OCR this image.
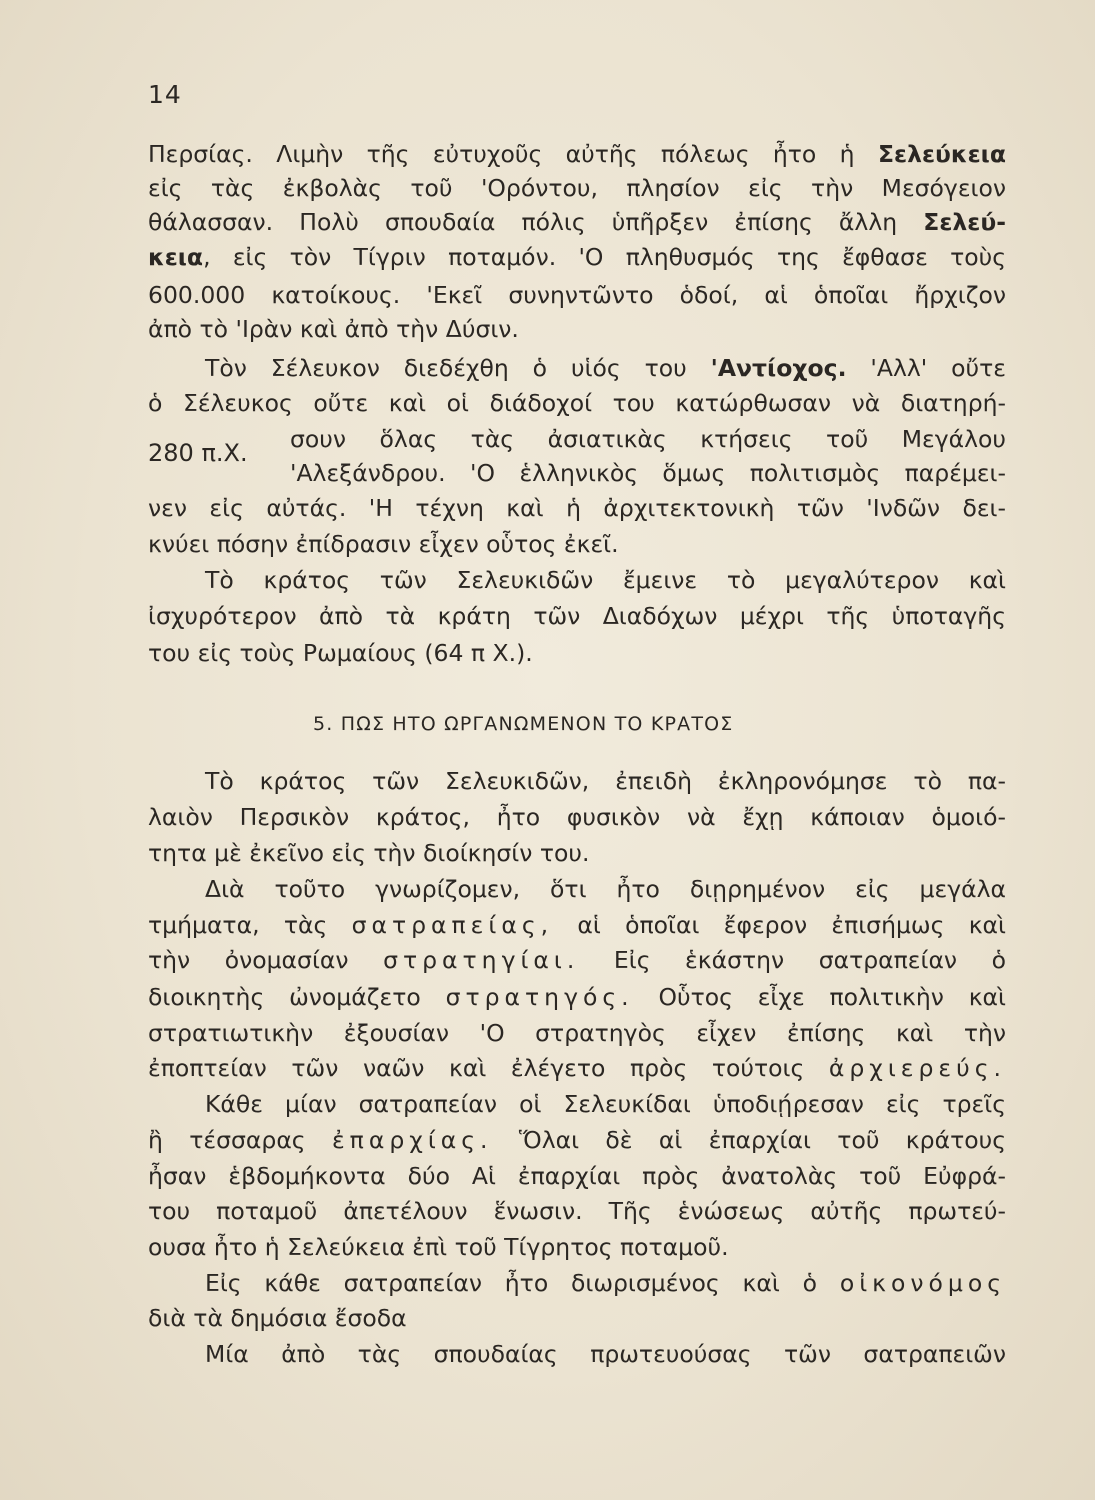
14
Περσίας. Λιμὴν τῆς εὐτυχοῦς αὐτῆς πόλεως ἦτο ἡ Σελεύκεια
εἰς τὰς ἐκβολὰς τοῦ 'Ορόντου, πλησίον εἰς τὴν Μεσόγειον
θάλασσαν. Πολὺ σπουδαία πόλις ὑπῆρξεν ἐπίσης ἄλλη Σελεύ-
κεια, εἰς τὸν Τίγριν ποταμόν. 'Ο πληθυσμός της ἔφθασε τοὺς
600.000 κατοίκους. 'Εκεῖ συνηντῶντο ὁδοί, αἱ ὁποῖαι ἤρχιζον
ἀπὸ τὸ 'Ιρὰν καὶ ἀπὸ τὴν Δύσιν.
Τὸν Σέλευκον διεδέχθη ὁ υἱός του 'Αντίοχος. 'Αλλ' οὔτε
ὁ Σέλευκος οὔτε καὶ οἱ διάδοχοί του κατώρθωσαν νὰ διατηρή-
280 π.Χ. σουν ὅλας τὰς ἀσιατικὰς κτήσεις τοῦ Μεγάλου
'Αλεξάνδρου. 'Ο ἑλληνικὸς ὅμως πολιτισμὸς παρέμει-
νεν εἰς αὐτάς. 'Η τέχνη καὶ ἡ ἀρχιτεκτονικὴ τῶν 'Ινδῶν δει-
κνύει πόσην ἐπίδρασιν εἶχεν οὗτος ἐκεῖ.
Τὸ κράτος τῶν Σελευκιδῶν ἔμεινε τὸ μεγαλύτερον καὶ
ἰσχυρότερον ἀπὸ τὰ κράτη τῶν Διαδόχων μέχρι τῆς ὑποταγῆς
του εἰς τοὺς Ρωμαίους (64 π Χ.).
5. ΠΩΣ ΗΤΟ ΩΡΓΑΝΩΜΕΝΟΝ ΤΟ ΚΡΑΤΟΣ
Τὸ κράτος τῶν Σελευκιδῶν, ἐπειδὴ ἐκληρονόμησε τὸ πα-
λαιὸν Περσικὸν κράτος, ἦτο φυσικὸν νὰ ἔχῃ κάποιαν ὁμοιό-
τητα μὲ ἐκεῖνο εἰς τὴν διοίκησίν του.
Διὰ τοῦτο γνωρίζομεν, ὅτι ἦτο διῃρημένον εἰς μεγάλα
τμήματα, τὰς σατραπείας, αἱ ὁποῖαι ἔφερον ἐπισήμως καὶ
τὴν ὀνομασίαν στρατηγίαι. Εἰς ἑκάστην σατραπείαν ὁ
διοικητὴς ὠνομάζετο στρατηγός. Οὗτος εἶχε πολιτικὴν καὶ
στρατιωτικὴν ἐξουσίαν 'Ο στρατηγὸς εἶχεν ἐπίσης καὶ τὴν
ἐποπτείαν τῶν ναῶν καὶ ἐλέγετο πρὸς τούτοις ἀρχιερεύς.
Κάθε μίαν σατραπείαν οἱ Σελευκίδαι ὑποδιῄρεσαν εἰς τρεῖς
ἢ τέσσαρας ἐπαρχίας. Ὅλαι δὲ αἱ ἐπαρχίαι τοῦ κράτους
ἦσαν ἑβδομήκοντα δύο Αἱ ἐπαρχίαι πρὸς ἀνατολὰς τοῦ Εὐφρά-
του ποταμοῦ ἀπετέλουν ἕνωσιν. Τῆς ἑνώσεως αὐτῆς πρωτεύ-
ουσα ἦτο ἡ Σελεύκεια ἐπὶ τοῦ Τίγρητος ποταμοῦ.
Εἰς κάθε σατραπείαν ἦτο διωρισμένος καὶ ὁ οἰκονόμος
διὰ τὰ δημόσια ἔσοδα
Μία ἀπὸ τὰς σπουδαίας πρωτευούσας τῶν σατραπειῶν
